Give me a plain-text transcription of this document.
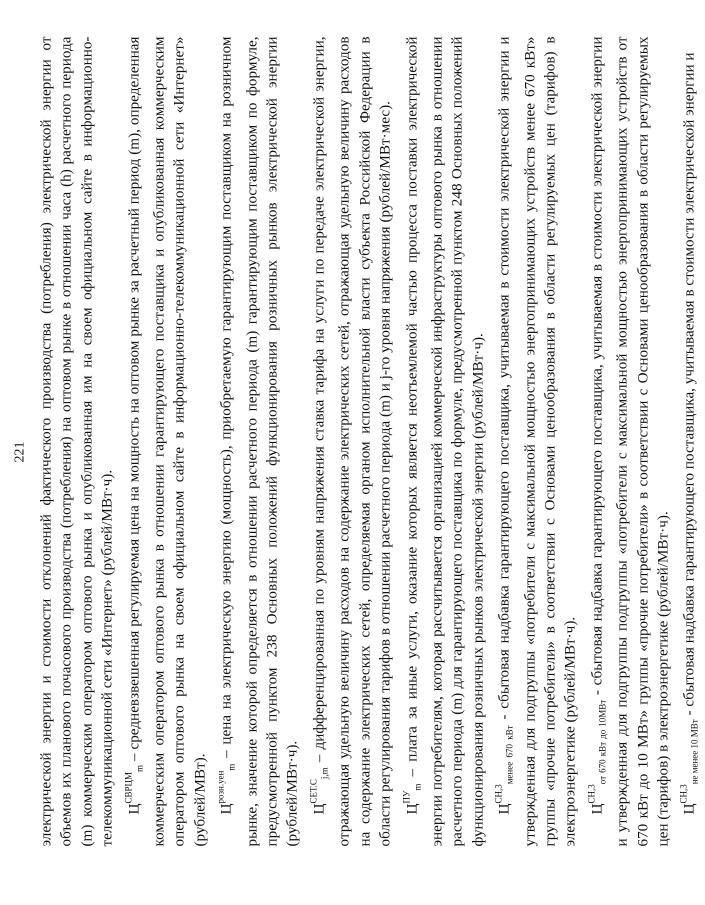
221 электрической энергии и стоимости отклонений фактического производства (потребления) электрической энергии от объемов их планового почасового производства (потребления) на оптовом рынке в отношении часа (h) расчетного периода (m) коммерческим оператором оптового рынка и опубликованная им на своем официальном сайте в информационно-телекоммуникационной сети «Интернет» (рублей/МВт·ч). $Ц^{СВРЦМ}_m$ – средневзвешенная регулируемая цена на мощность на оптовом рынке за расчетный период (m), определенная коммерческим оператором оптового рынка в отношении гарантирующего поставщика и опубликованная коммерческим оператором оптового рынка на своем официальном сайте в информационно-телекоммуникационной сети «Интернет» (рублей/МВт). $Ц^{розн.уен}_m$ – цена на электрическую энергию (мощность), приобретаемую гарантирующим поставщиком на розничном рынке, значение которой определяется в отношении расчетного периода (m) гарантирующим поставщиком по формуле, предусмотренной пунктом 238 Основных положений функционирования розничных рынков электрической энергии (рублей/МВт·ч). $Ц^{СЕТ.С}_{j,m}$ – дифференцированная по уровням напряжения ставка тарифа на услуги по передаче электрической энергии, отражающая удельную величину расходов на содержание электрических сетей, отражающая удельную величину расходов на содержание электрических сетей, определяемая органом исполнительной власти субъекта Российской Федерации в области регулирования тарифов в отношении расчетного периода (m) и j-го уровня напряжения (рублей/МВт·мес). $Ц^{ПУ}_m$ – плата за иные услуги, оказание которых является неотъемлемой частью процесса поставки электрической энергии потребителям, которая рассчитывается организацией коммерческой инфраструктуры оптового рынка в отношении расчетного периода (m) для гарантирующего поставщика по формуле, предусмотренной пунктом 248 Основных положений функционирования розничных рынков электрической энергии (рублей/МВт·ч). $Ц^{СН,3}_{менее 670 кВт}$ - сбытовая надбавка гарантирующего поставщика, учитываемая в стоимости электрической энергии и утвержденная для подгруппы «потребители с максимальной мощностью энергопринимающих устройств менее 670 кВт» группы «прочие потребители» в соответствии с Основами ценообразования в области регулируемых цен (тарифов) в электроэнергетике (рублей/МВт·ч). $Ц^{СН,3}_{от 670 кВт до 10МВт}$ - сбытовая надбавка гарантирующего поставщика, учитываемая в стоимости электрической энергии и утвержденная для подгруппы подгруппы «потребители с максимальной мощностью энергопринимающих устройств от 670 кВт до 10 МВт» группы «прочие потребители» в соответствии с Основами ценообразования в области регулируемых цен (тарифов) в электроэнергетике (рублей/МВт·ч). $Ц^{СН,3}_{не менее 10 МВт}$ - сбытовая надбавка гарантирующего поставщика, учитываемая в стоимости электрической энергии и
